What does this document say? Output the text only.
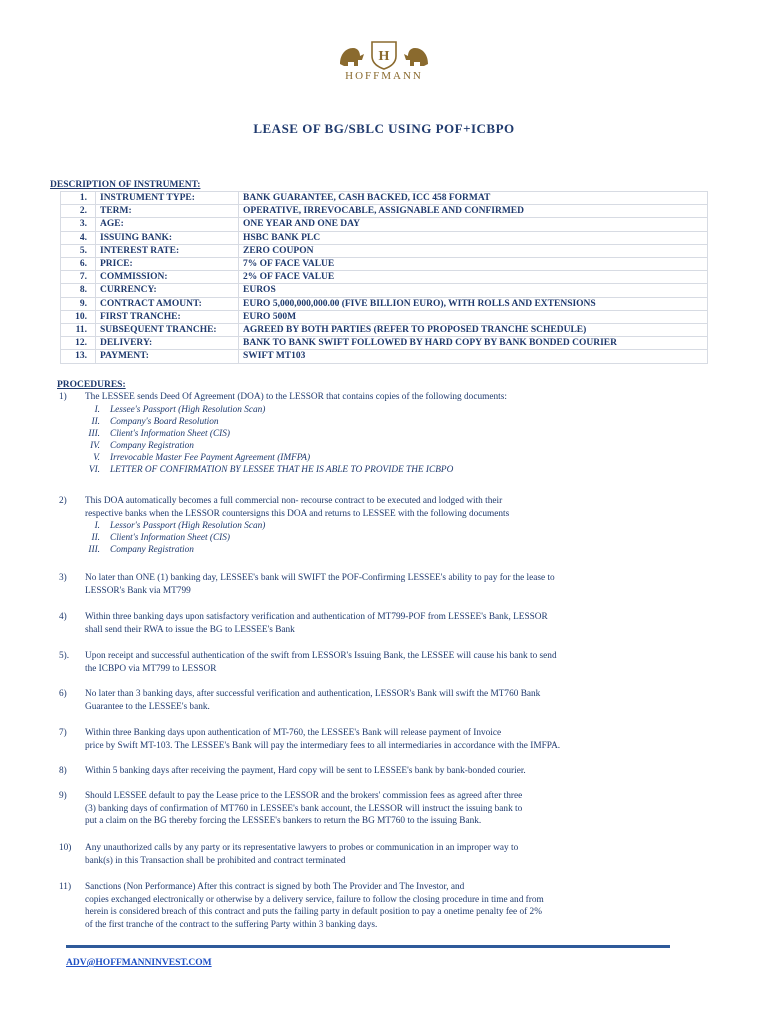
H
HOFFMANN
LEASE OF BG/SBLC USING POF+ICBPO
DESCRIPTION OF INSTRUMENT:
1.	INSTRUMENT TYPE:	BANK GUARANTEE, CASH BACKED, ICC 458 FORMAT
2.	TERM:	OPERATIVE, IRREVOCABLE, ASSIGNABLE AND CONFIRMED
3.	AGE:	ONE YEAR AND ONE DAY
4.	ISSUING BANK:	HSBC BANK PLC
5.	INTEREST RATE:	ZERO COUPON
6.	PRICE:	7% OF FACE VALUE
7.	COMMISSION:	2% OF FACE VALUE
8.	CURRENCY:	EUROS
9.	CONTRACT AMOUNT:	EURO 5,000,000,000.00 (FIVE BILLION EURO), WITH ROLLS AND EXTENSIONS
10.	FIRST TRANCHE:	EURO 500M
11.	SUBSEQUENT TRANCHE:	AGREED BY BOTH PARTIES (REFER TO PROPOSED TRANCHE SCHEDULE)
12.	DELIVERY:	BANK TO BANK SWIFT FOLLOWED BY HARD COPY BY BANK BONDED COURIER
13.	PAYMENT:	SWIFT MT103
PROCEDURES:
1) The LESSEE sends Deed Of Agreement (DOA) to the LESSOR that contains copies of the following documents:
I. Lessee's Passport (High Resolution Scan)
II. Company's Board Resolution
III. Client's Information Sheet (CIS)
IV. Company Registration
V. Irrevocable Master Fee Payment Agreement (IMFPA)
VI. LETTER OF CONFIRMATION BY LESSEE THAT HE IS ABLE TO PROVIDE THE ICBPO
2) This DOA automatically becomes a full commercial non- recourse contract to be executed and lodged with their
respective banks when the LESSOR countersigns this DOA and returns to LESSEE with the following documents
I. Lessor's Passport (High Resolution Scan)
II. Client's Information Sheet (CIS)
III. Company Registration
3) No later than ONE (1) banking day, LESSEE's bank will SWIFT the POF-Confirming LESSEE's ability to pay for the lease to
LESSOR's Bank via MT799
4) Within three banking days upon satisfactory verification and authentication of MT799-POF from LESSEE's Bank, LESSOR
shall send their RWA to issue the BG to LESSEE's Bank
5). Upon receipt and successful authentication of the swift from LESSOR's Issuing Bank, the LESSEE will cause his bank to send
the ICBPO via MT799 to LESSOR
6) No later than 3 banking days, after successful verification and authentication, LESSOR's Bank will swift the MT760 Bank
Guarantee to the LESSEE's bank.
7) Within three Banking days upon authentication of MT-760, the LESSEE's Bank will release payment of Invoice
price by Swift MT-103. The LESSEE's Bank will pay the intermediary fees to all intermediaries in accordance with the IMFPA.
8) Within 5 banking days after receiving the payment, Hard copy will be sent to LESSEE's bank by bank-bonded courier.
9) Should LESSEE default to pay the Lease price to the LESSOR and the brokers' commission fees as agreed after three
(3) banking days of confirmation of MT760 in LESSEE's bank account, the LESSOR will instruct the issuing bank to
put a claim on the BG thereby forcing the LESSEE's bankers to return the BG MT760 to the issuing Bank.
10) Any unauthorized calls by any party or its representative lawyers to probes or communication in an improper way to
bank(s) in this Transaction shall be prohibited and contract terminated
11) Sanctions (Non Performance) After this contract is signed by both The Provider and The Investor, and
copies exchanged electronically or otherwise by a delivery service, failure to follow the closing procedure in time and from
herein is considered breach of this contract and puts the failing party in default position to pay a onetime penalty fee of 2%
of the first tranche of the contract to the suffering Party within 3 banking days.
ADV@HOFFMANNINVEST.COM
